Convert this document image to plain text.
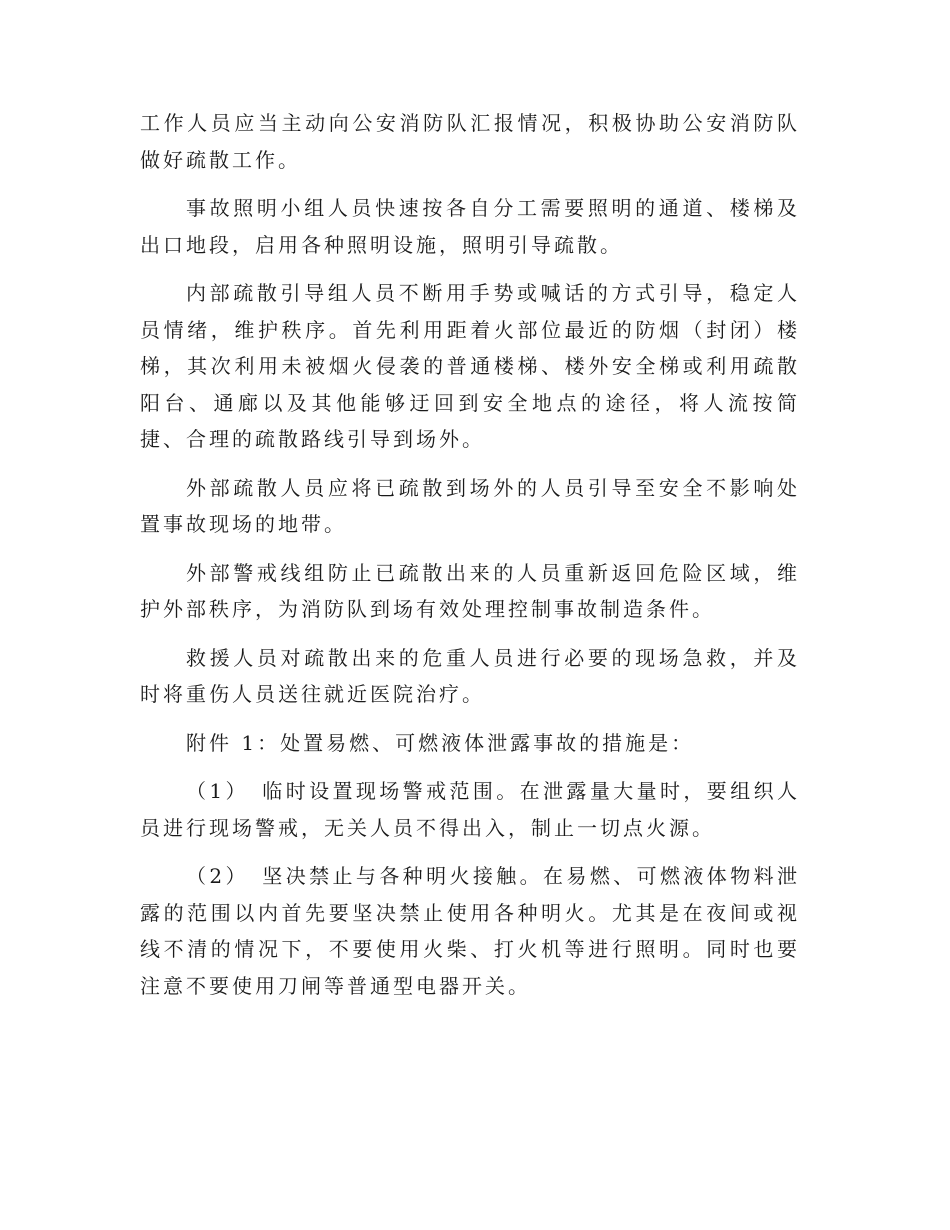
工作人员应当主动向公安消防队汇报情况，积极协助公安消防队做好疏散工作。

事故照明小组人员快速按各自分工需要照明的通道、楼梯及出口地段，启用各种照明设施，照明引导疏散。

内部疏散引导组人员不断用手势或喊话的方式引导，稳定人员情绪，维护秩序。首先利用距着火部位最近的防烟（封闭）楼梯，其次利用未被烟火侵袭的普通楼梯、楼外安全梯或利用疏散阳台、通廊以及其他能够迂回到安全地点的途径，将人流按简捷、合理的疏散路线引导到场外。

外部疏散人员应将已疏散到场外的人员引导至安全不影响处置事故现场的地带。

外部警戒线组防止已疏散出来的人员重新返回危险区域，维护外部秩序，为消防队到场有效处理控制事故制造条件。

救援人员对疏散出来的危重人员进行必要的现场急救，并及时将重伤人员送往就近医院治疗。

附件 1：处置易燃、可燃液体泄露事故的措施是：

（1）　临时设置现场警戒范围。在泄露量大量时，要组织人员进行现场警戒，无关人员不得出入，制止一切点火源。

（2）　坚决禁止与各种明火接触。在易燃、可燃液体物料泄露的范围以内首先要坚决禁止使用各种明火。尤其是在夜间或视线不清的情况下，不要使用火柴、打火机等进行照明。同时也要注意不要使用刀闸等普通型电器开关。
